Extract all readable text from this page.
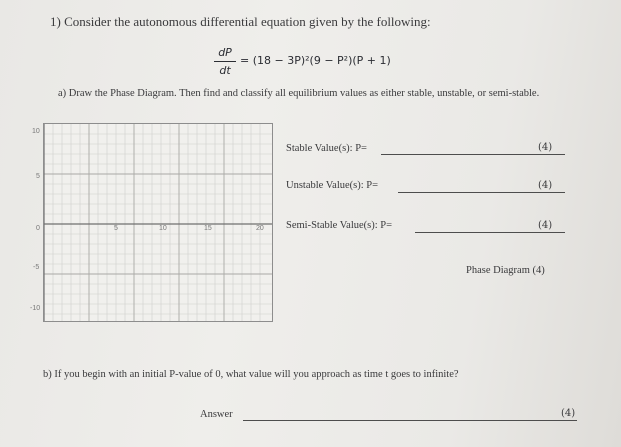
1) Consider the autonomous differential equation given by the following:
dP
dt
= (18 − 3P)²(9 − P²)(P + 1)
a) Draw the Phase Diagram. Then find and classify all equilibrium values as either stable, unstable, or semi-stable.
10
5
0
-5
-10
5	10	15	20
Stable Value(s): P=	(4)
Unstable Value(s): P=	(4)
Semi-Stable Value(s): P=	(4)
Phase Diagram (4)
b) If you begin with an initial P-value of 0, what value will you approach as time t goes to infinite?
Answer	(4)
